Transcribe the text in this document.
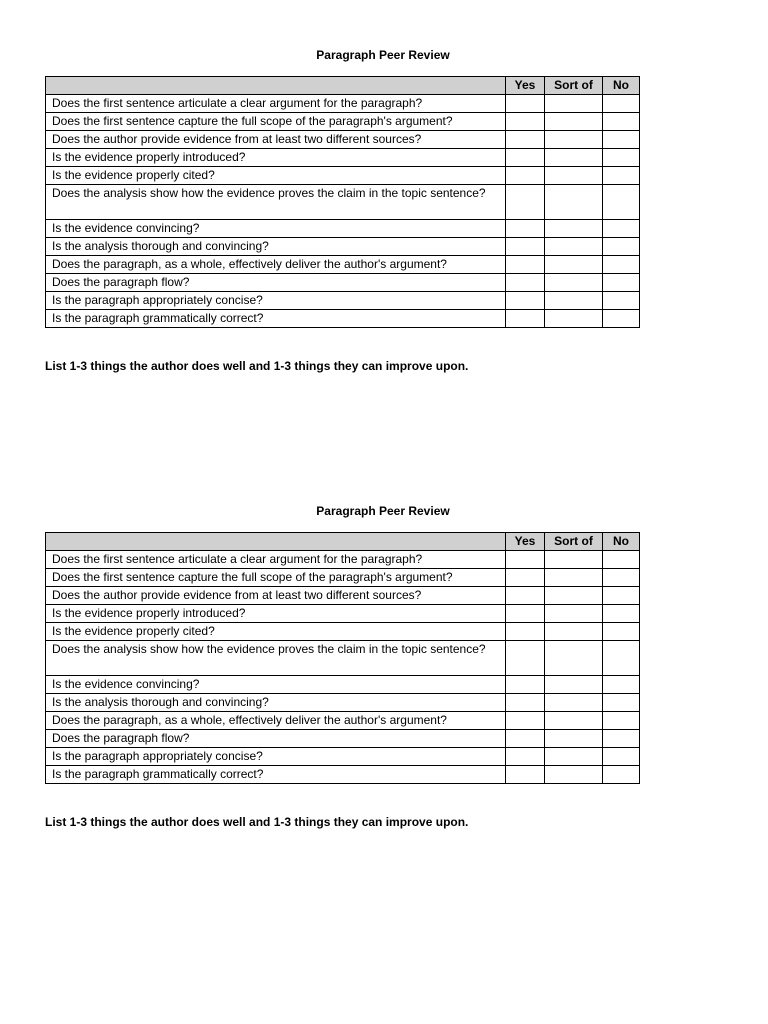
Paragraph Peer Review
	Yes	Sort of	No
Does the first sentence articulate a clear argument for the paragraph?			
Does the first sentence capture the full scope of the paragraph's argument?			
Does the author provide evidence from at least two different sources?			
Is the evidence properly introduced?			
Is the evidence properly cited?			
Does the analysis show how the evidence proves the claim in the topic sentence?			
Is the evidence convincing?			
Is the analysis thorough and convincing?			
Does the paragraph, as a whole, effectively deliver the author's argument?			
Does the paragraph flow?			
Is the paragraph appropriately concise?			
Is the paragraph grammatically correct?			
List 1-3 things the author does well and 1-3 things they can improve upon.
Paragraph Peer Review
	Yes	Sort of	No
Does the first sentence articulate a clear argument for the paragraph?			
Does the first sentence capture the full scope of the paragraph's argument?			
Does the author provide evidence from at least two different sources?			
Is the evidence properly introduced?			
Is the evidence properly cited?			
Does the analysis show how the evidence proves the claim in the topic sentence?			
Is the evidence convincing?			
Is the analysis thorough and convincing?			
Does the paragraph, as a whole, effectively deliver the author's argument?			
Does the paragraph flow?			
Is the paragraph appropriately concise?			
Is the paragraph grammatically correct?			
List 1-3 things the author does well and 1-3 things they can improve upon.
